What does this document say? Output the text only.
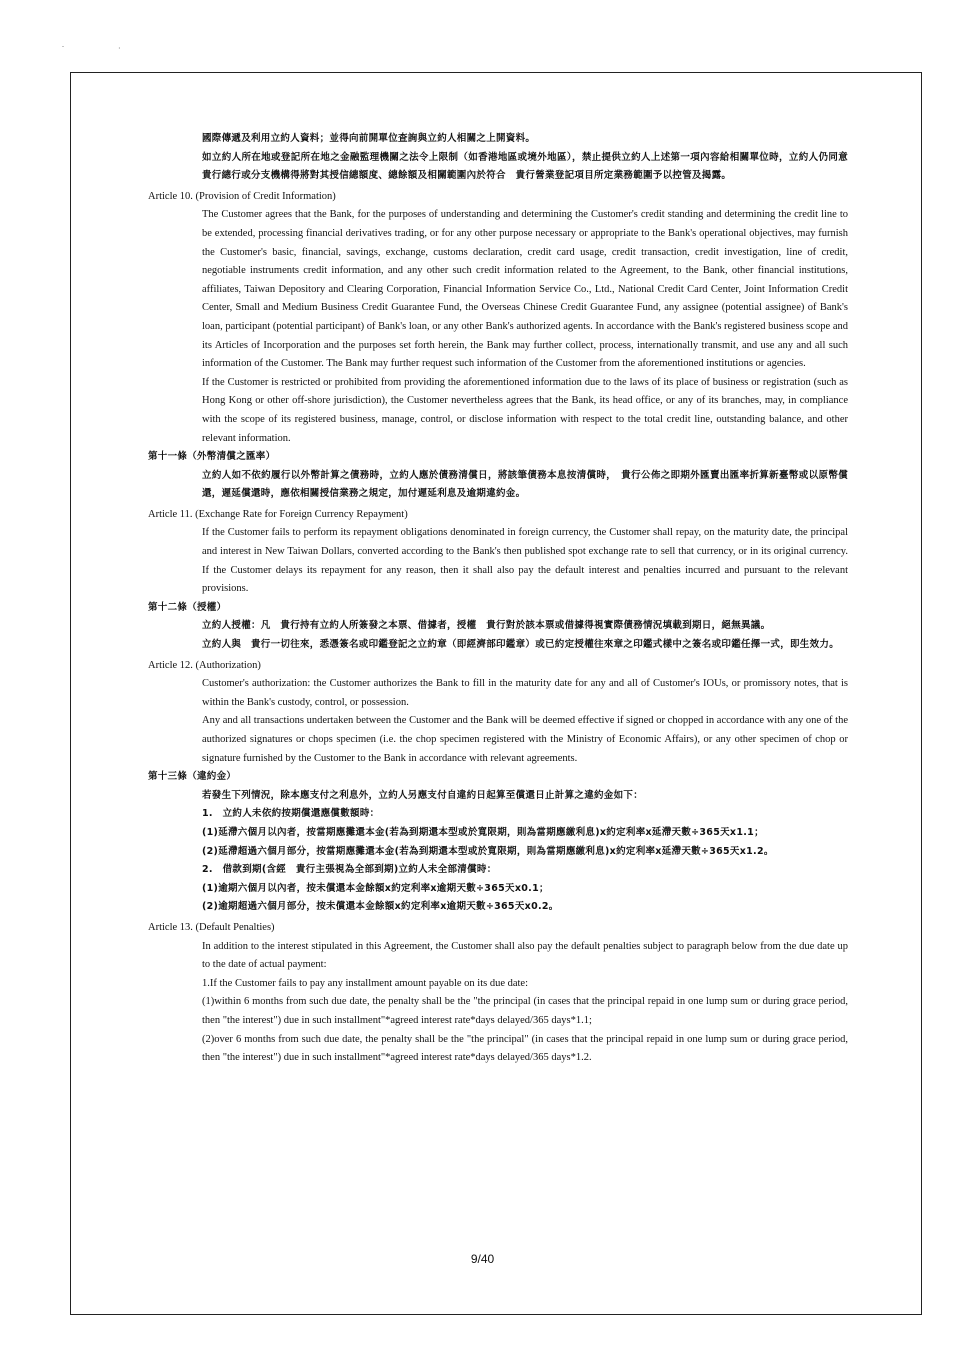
.	·

國際傳遞及利用立約人資料；並得向前開單位查詢與立約人相關之上開資料。

如立約人所在地或登記所在地之金融監理機關之法令上限制（如香港地區或境外地區），禁止提供立約人上述第一項內容給相關單位時，立約人仍同意　貴行總行或分支機構得將對其授信總額度、總餘額及相關範圍內於符合　貴行營業登記項目所定業務範圍予以控管及揭露。

Article 10. (Provision of Credit Information)

The Customer agrees that the Bank, for the purposes of understanding and determining the Customer's credit standing and determining the credit line to be extended, processing financial derivatives trading, or for any other purpose necessary or appropriate to the Bank's operational objectives, may furnish the Customer's basic, financial, savings, exchange, customs declaration, credit card usage, credit transaction, credit investigation, line of credit, negotiable instruments credit information, and any other such credit information related to the Agreement, to the Bank, other financial institutions, affiliates, Taiwan Depository and Clearing Corporation, Financial Information Service Co., Ltd., National Credit Card Center, Joint Information Credit Center, Small and Medium Business Credit Guarantee Fund, the Overseas Chinese Credit Guarantee Fund, any assignee (potential assignee) of Bank's loan, participant (potential participant) of Bank's loan, or any other Bank's authorized agents. In accordance with the Bank's registered business scope and its Articles of Incorporation and the purposes set forth herein, the Bank may further collect, process, internationally transmit, and use any and all such information of the Customer. The Bank may further request such information of the Customer from the aforementioned institutions or agencies.

If the Customer is restricted or prohibited from providing the aforementioned information due to the laws of its place of business or registration (such as Hong Kong or other off-shore jurisdiction), the Customer nevertheless agrees that the Bank, its head office, or any of its branches, may, in compliance with the scope of its registered business, manage, control, or disclose information with respect to the total credit line, outstanding balance, and other relevant information.

第十一條（外幣清償之匯率）

立約人如不依約履行以外幣計算之債務時，立約人應於債務清償日，將該筆債務本息按清償時，　貴行公佈之即期外匯賣出匯率折算新臺幣或以原幣償還，遲延償還時，應依相關授信業務之規定，加付遲延利息及逾期違約金。

Article 11. (Exchange Rate for Foreign Currency Repayment)

If the Customer fails to perform its repayment obligations denominated in foreign currency, the Customer shall repay, on the maturity date, the principal and interest in New Taiwan Dollars, converted according to the Bank's then published spot exchange rate to sell that currency, or in its original currency. If the Customer delays its repayment for any reason, then it shall also pay the default interest and penalties incurred and pursuant to the relevant provisions.

第十二條（授權）

立約人授權：凡　貴行持有立約人所簽發之本票、借據者，授權　貴行對於該本票或借據得視實際債務情況填載到期日，絕無異議。

立約人與　貴行一切往來，悉憑簽名或印鑑登記之立約章（即經濟部印鑑章）或已約定授權往來章之印鑑式樣中之簽名或印鑑任擇一式，即生效力。

Article 12. (Authorization)

Customer's authorization: the Customer authorizes the Bank to fill in the maturity date for any and all of Customer's IOUs, or promissory notes, that is within the Bank's custody, control, or possession.

Any and all transactions undertaken between the Customer and the Bank will be deemed effective if signed or chopped in accordance with any one of the authorized signatures or chops specimen (i.e. the chop specimen registered with the Ministry of Economic Affairs), or any other specimen of chop or signature furnished by the Customer to the Bank in accordance with relevant agreements.

第十三條（違約金）

若發生下列情況，除本應支付之利息外，立約人另應支付自違約日起算至償還日止計算之違約金如下：

1.　立約人未依約按期償還應償數額時：

(1)延滯六個月以內者，按當期應攤還本金(若為到期還本型或於寬限期，則為當期應繳利息)x約定利率x延滯天數÷365天x1.1；

(2)延滯超過六個月部分，按當期應攤還本金(若為到期還本型或於寬限期，則為當期應繳利息)x約定利率x延滯天數÷365天x1.2。

2.　借款到期(含經　貴行主張視為全部到期)立約人未全部清償時：

(1)逾期六個月以內者，按未償還本金餘額x約定利率x逾期天數÷365天x0.1；

(2)逾期超過六個月部分，按未償還本金餘額x約定利率x逾期天數÷365天x0.2。

Article 13. (Default Penalties)

In addition to the interest stipulated in this Agreement, the Customer shall also pay the default penalties subject to paragraph below from the due date up to the date of actual payment:

1.If the Customer fails to pay any installment amount payable on its due date:

(1)within 6 months from such due date, the penalty shall be the "the principal (in cases that the principal repaid in one lump sum or during grace period, then "the interest") due in such installment"*agreed interest rate*days delayed/365 days*1.1;

(2)over 6 months from such due date, the penalty shall be the "the principal" (in cases that the principal repaid in one lump sum or during grace period, then "the interest") due in such installment"*agreed interest rate*days delayed/365 days*1.2.

9/40
